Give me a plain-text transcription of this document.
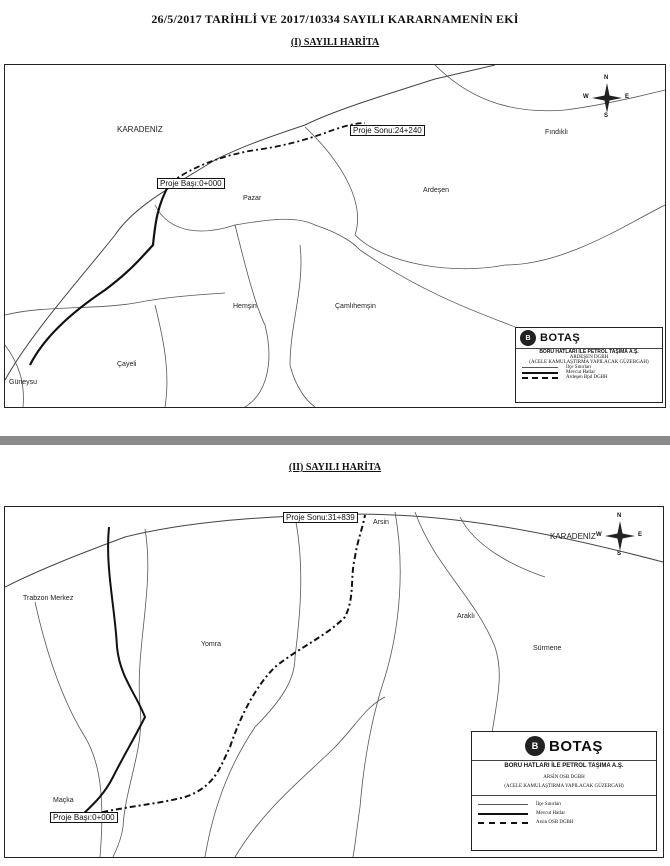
26/5/2017 TARİHLİ VE 2017/10334 SAYILI KARARNAMENİN EKİ
(I) SAYILI HARİTA
KARADENİZ	Fındıklı
Ardeşen
Pazar
Hemşin	Çamlıhemşin
Çayeli
Güneysu
Proje Başı:0+000
Proje Sonu:24+240
N
S
E
W
B BOTAŞ
BORU HATLARI İLE PETROL TAŞIMA A.Ş.
ARDEŞEN DGBH
(ACELE KAMULAŞTIRMA YAPILACAK GÜZERGAH)
İlçe Sınırları
Mevcut Hatlar
Ardeşen Bpd DGBH
(II) SAYILI HARİTA
Arsin
KARADENİZ
Trabzon Merkez
Araklı
Yomra
Sürmene
Maçka
Proje Başı:0+000
Proje Sonu:31+839	N
S
E
W
B BOTAŞ
BORU HATLARI İLE PETROL TAŞIMA A.Ş.
ARSİN OSB DGBH
(ACELE KAMULAŞTIRMA YAPILACAK GÜZERGAH)
İlçe Sınırları
Mevcut Hatlar
Arsin OSB DGBH
